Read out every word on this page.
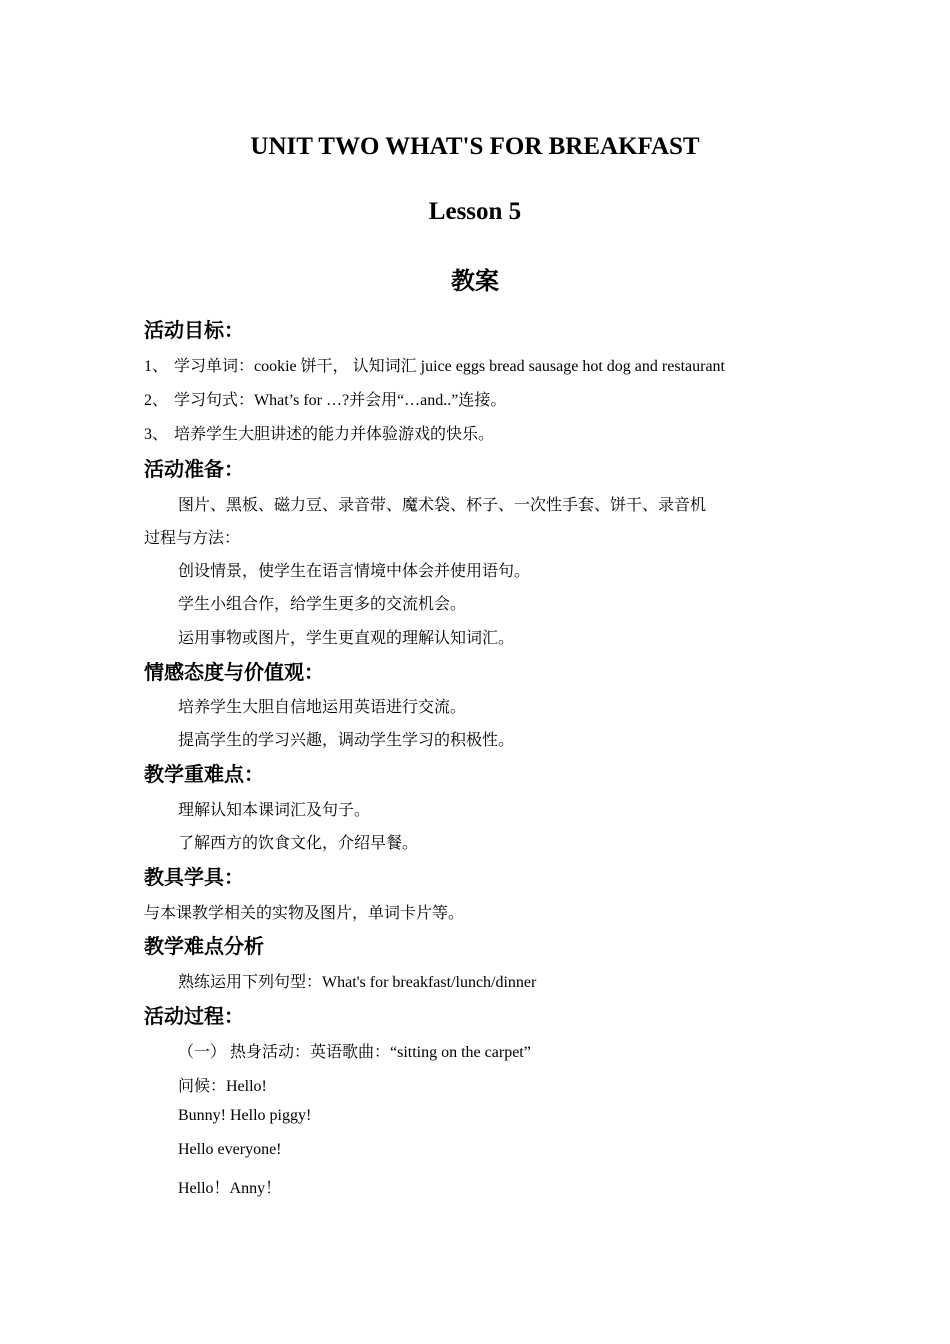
UNIT TWO WHAT'S FOR BREAKFAST
Lesson 5
教案
活动目标：
1、 学习单词：cookie 饼干， 认知词汇 juice eggs bread sausage hot dog and restaurant
2、 学习句式：What’s for …?并会用“…and..”连接。
3、 培养学生大胆讲述的能力并体验游戏的快乐。
活动准备：
图片、黑板、磁力豆、录音带、魔术袋、杯子、一次性手套、饼干、录音机
过程与方法：
创设情景，使学生在语言情境中体会并使用语句。
学生小组合作，给学生更多的交流机会。
运用事物或图片，学生更直观的理解认知词汇。
情感态度与价值观：
培养学生大胆自信地运用英语进行交流。
提高学生的学习兴趣，调动学生学习的积极性。
教学重难点：
理解认知本课词汇及句子。
了解西方的饮食文化，介绍早餐。
教具学具：
与本课教学相关的实物及图片，单词卡片等。
教学难点分析
熟练运用下列句型：What's for breakfast/lunch/dinner
活动过程：
（一） 热身活动：英语歌曲：“sitting on the carpet”
问候：Hello!
Bunny! Hello piggy!
Hello everyone!
Hello！Anny！
